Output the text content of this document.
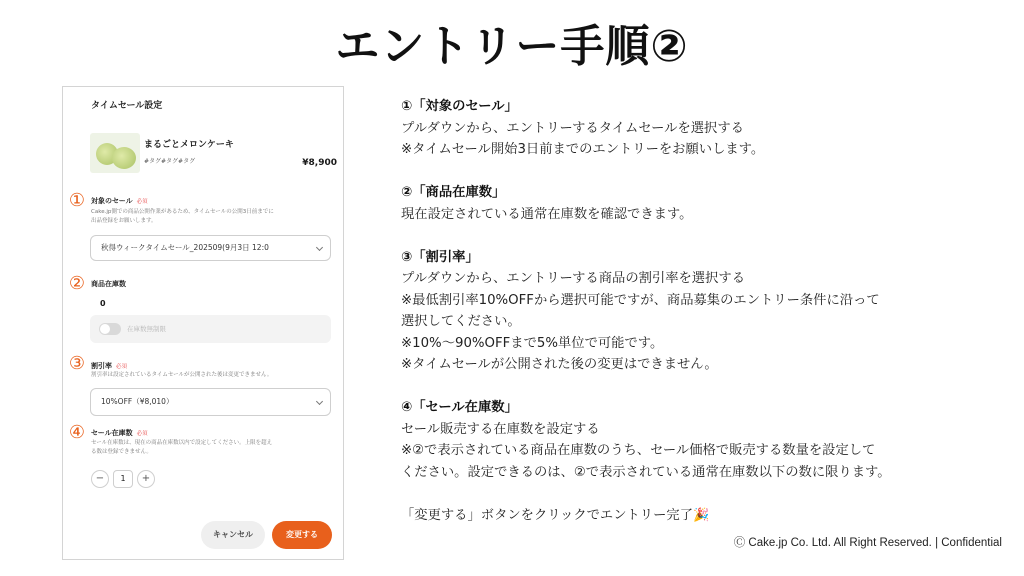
エントリー手順②
タイムセール設定
まるごとメロンケーキ
#タグ#タグ#タグ	¥8,900
① 対象のセール 必須
Cake.jp側での商品公開作業があるため、タイムセールの公開3日前までに
出品登録をお願いします。
秋得ウィークタイムセール_202509(9月3日 12:0
② 商品在庫数
0
在庫数無制限
③ 割引率 必須
割引率は設定されているタイムセールが公開された後は変更できません。
10%OFF（¥8,010）
④ セール在庫数 必須
セール在庫数は、現在の商品在庫数以内で設定してください。上限を超え
る数は登録できません。
−	1	+
キャンセル	変更する
①「対象のセール」
プルダウンから、エントリーするタイムセールを選択する
※タイムセール開始3日前までのエントリーをお願いします。
②「商品在庫数」
現在設定されている通常在庫数を確認できます。
③「割引率」
プルダウンから、エントリーする商品の割引率を選択する
※最低割引率10%OFFから選択可能ですが、商品募集のエントリー条件に沿って
選択してください。
※10%〜90%OFFまで5%単位で可能です。
※タイムセールが公開された後の変更はできません。
④「セール在庫数」
セール販売する在庫数を設定する
※②で表示されている商品在庫数のうち、セール価格で販売する数量を設定して
ください。設定できるのは、②で表示されている通常在庫数以下の数に限ります。
「変更する」ボタンをクリックでエントリー完了🎉
Ⓒ Cake.jp Co. Ltd. All Right Reserved. | Confidential
